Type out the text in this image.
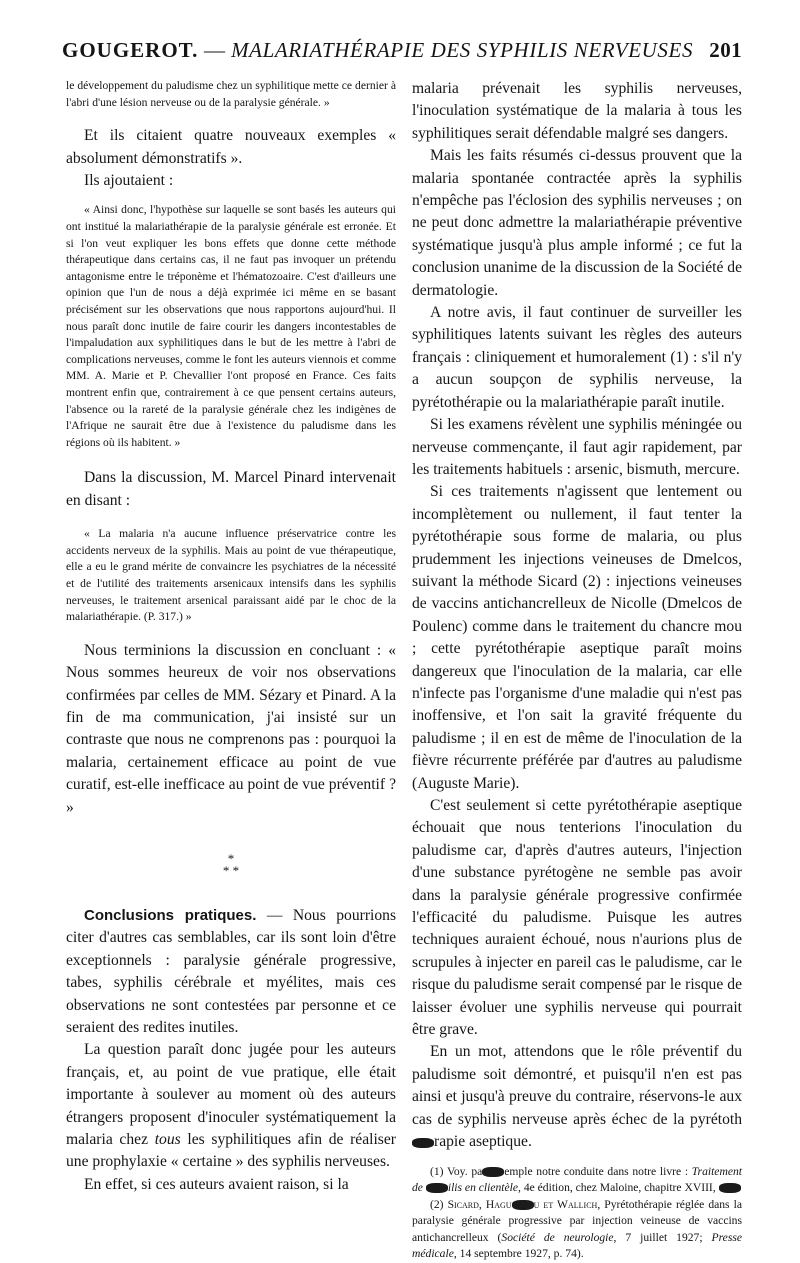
GOUGEROT. — MALARIATHÉRAPIE DES SYPHILIS NERVEUSES 201

le développement du paludisme chez un syphilitique mette ce dernier à l'abri d'une lésion nerveuse ou de la paralysie générale. »

Et ils citaient quatre nouveaux exemples « absolument démonstratifs ».

Ils ajoutaient :

« Ainsi donc, l'hypothèse sur laquelle se sont basés les auteurs qui ont institué la malariathérapie de la paralysie générale est erronée. Et si l'on veut expliquer les bons effets que donne cette méthode thérapeutique dans certains cas, il ne faut pas invoquer un prétendu antagonisme entre le tréponème et l'hématozoaire. C'est d'ailleurs une opinion que l'un de nous a déjà exprimée ici même en se basant précisément sur les observations que nous rapportons aujourd'hui. Il nous paraît donc inutile de faire courir les dangers incontestables de l'impaludation aux syphilitiques dans le but de les mettre à l'abri de complications nerveuses, comme le font les auteurs viennois et comme MM. A. Marie et P. Chevallier l'ont proposé en France. Ces faits montrent enfin que, contrairement à ce que pensent certains auteurs, l'absence ou la rareté de la paralysie générale chez les indigènes de l'Afrique ne saurait être due à l'existence du paludisme dans les régions où ils habitent. »

Dans la discussion, M. Marcel Pinard intervenait en disant :

« La malaria n'a aucune influence préservatrice contre les accidents nerveux de la syphilis. Mais au point de vue thérapeutique, elle a eu le grand mérite de convaincre les psychiatres de la nécessité et de l'utilité des traitements arsenicaux intensifs dans les syphilis nerveuses, le traitement arsenical paraissant aidé par le choc de la malariathérapie. (P. 317.) »

Nous terminions la discussion en concluant : « Nous sommes heureux de voir nos observations confirmées par celles de MM. Sézary et Pinard. A la fin de ma communication, j'ai insisté sur un contraste que nous ne comprenons pas : pourquoi la malaria, certainement efficace au point de vue curatif, est-elle inefficace au point de vue préventif ? »

*
* *

Conclusions pratiques. — Nous pourrions citer d'autres cas semblables, car ils sont loin d'être exceptionnels : paralysie générale progressive, tabes, syphilis cérébrale et myélites, mais ces observations ne sont contestées par personne et ce seraient des redites inutiles.

La question paraît donc jugée pour les auteurs français, et, au point de vue pratique, elle était importante à soulever au moment où des auteurs étrangers proposent d'inoculer systématiquement la malaria chez tous les syphilitiques afin de réaliser une prophylaxie « certaine » des syphilis nerveuses.

En effet, si ces auteurs avaient raison, si la

malaria prévenait les syphilis nerveuses, l'inoculation systématique de la malaria à tous les syphilitiques serait défendable malgré ses dangers.

Mais les faits résumés ci-dessus prouvent que la malaria spontanée contractée après la syphilis n'empêche pas l'éclosion des syphilis nerveuses ; on ne peut donc admettre la malariathérapie préventive systématique jusqu'à plus ample informé ; ce fut la conclusion unanime de la discussion de la Société de dermatologie.

A notre avis, il faut continuer de surveiller les syphilitiques latents suivant les règles des auteurs français : cliniquement et humoralement (1) : s'il n'y a aucun soupçon de syphilis nerveuse, la pyrétothérapie ou la malariathérapie paraît inutile.

Si les examens révèlent une syphilis méningée ou nerveuse commençante, il faut agir rapidement, par les traitements habituels : arsenic, bismuth, mercure.

Si ces traitements n'agissent que lentement ou incomplètement ou nullement, il faut tenter la pyrétothérapie sous forme de malaria, ou plus prudemment les injections veineuses de Dmelcos, suivant la méthode Sicard (2) : injections veineuses de vaccins antichancrelleux de Nicolle (Dmelcos de Poulenc) comme dans le traitement du chancre mou ; cette pyrétothérapie aseptique paraît moins dangereux que l'inoculation de la malaria, car elle n'infecte pas l'organisme d'une maladie qui n'est pas inoffensive, et l'on sait la gravité fréquente du paludisme ; il en est de même de l'inoculation de la fièvre récurrente préférée par d'autres au paludisme (Auguste Marie).

C'est seulement si cette pyrétothérapie aseptique échouait que nous tenterions l'inoculation du paludisme car, d'après d'autres auteurs, l'injection d'une substance pyrétogène ne semble pas avoir dans la paralysie générale progressive confirmée l'efficacité du paludisme. Puisque les autres techniques auraient échoué, nous n'aurions plus de scrupules à injecter en pareil cas le paludisme, car le risque du paludisme serait compensé par le risque de laisser évoluer une syphilis nerveuse qui pourrait être grave.

En un mot, attendons que le rôle préventif du paludisme soit démontré, et puisqu'il n'en est pas ainsi et jusqu'à preuve du contraire, réservons-le aux cas de syphilis nerveuse après échec de la pyrétothrapie aseptique.

(1) Voy. pa emple notre conduite dans notre livre : Traitement de ilis en clientèle, 4e édition, chez Maloine, chapitre XVIII,

(2) Sicard, Hagu u et Wallich, Pyrétothérapie réglée dans la paralysie générale progressive par injection veineuse de vaccins antichancrelleux (Société de neurologie, 7 juillet 1927; Presse médicale, 14 septembre 1927, p. 74).
